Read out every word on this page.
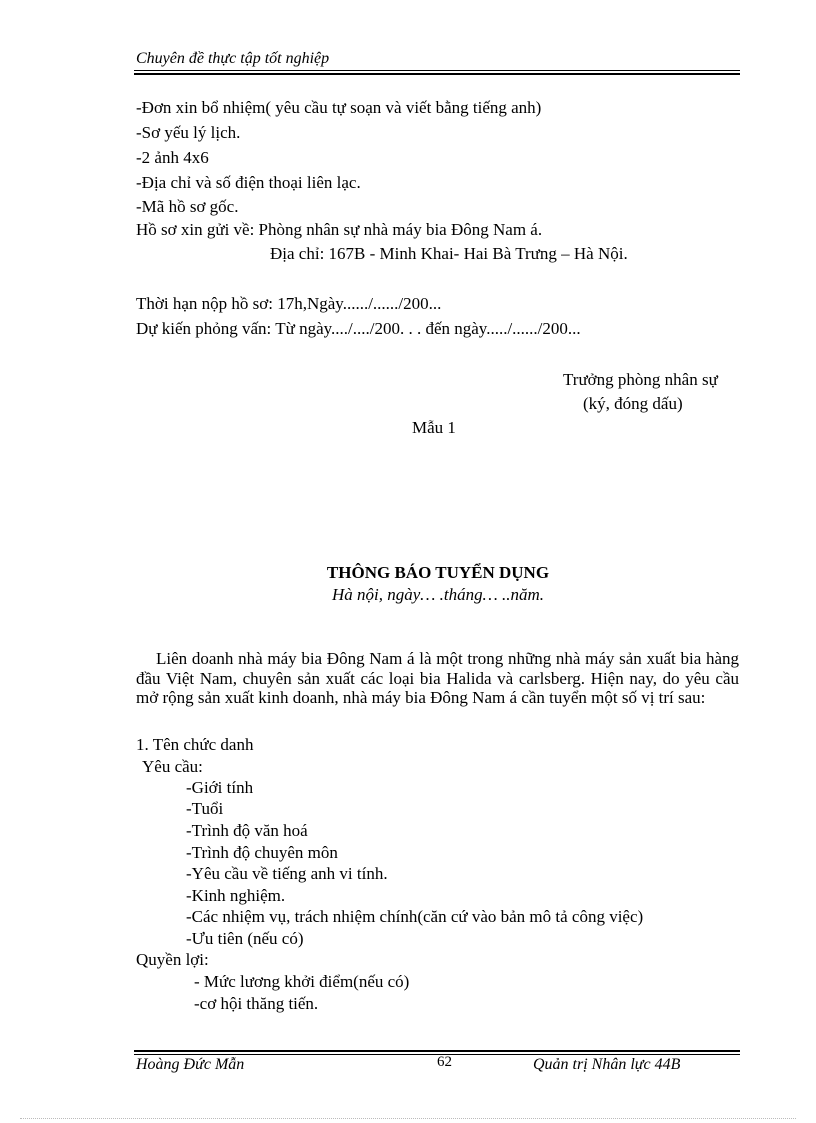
Chuyên đề thực tập tốt nghiệp
-Đơn xin bổ nhiệm( yêu cầu tự soạn và viết bằng tiếng anh)
-Sơ yếu lý lịch.
-2 ảnh 4x6
-Địa chỉ và số điện thoại liên lạc.
-Mã hồ sơ gốc.
Hồ sơ xin gửi về: Phòng nhân sự nhà máy bia Đông Nam á.
Địa chỉ: 167B - Minh Khai- Hai Bà Trưng – Hà Nội.
Thời hạn nộp hồ sơ: 17h,Ngày....../....../200...
Dự kiến phỏng vấn: Từ ngày..../..../200. . . đến ngày...../....../200...
Trưởng phòng nhân sự
(ký, đóng dấu)
Mẫu 1
THÔNG BÁO TUYỂN DỤNG
Hà nội, ngày… .tháng… ..năm.
Liên doanh nhà máy bia Đông Nam á là một trong những nhà máy sản xuất bia hàng đầu Việt Nam, chuyên sản xuất các loại bia Halida và carlsberg. Hiện nay, do yêu cầu mở rộng sản xuất kinh doanh, nhà máy bia Đông Nam á cần tuyển một số vị trí sau:
1. Tên chức danh
Yêu cầu:
-Giới tính
-Tuổi
-Trình độ văn hoá
-Trình độ chuyên môn
-Yêu cầu về tiếng anh vi tính.
-Kinh nghiệm.
-Các nhiệm vụ, trách nhiệm chính(căn cứ vào bản mô tả công việc)
-Ưu tiên (nếu có)
Quyền lợi:
- Mức lương khởi điểm(nếu có)
-cơ hội thăng tiến.
Hoàng Đức Mẫn	62	Quản trị Nhân lực 44B
